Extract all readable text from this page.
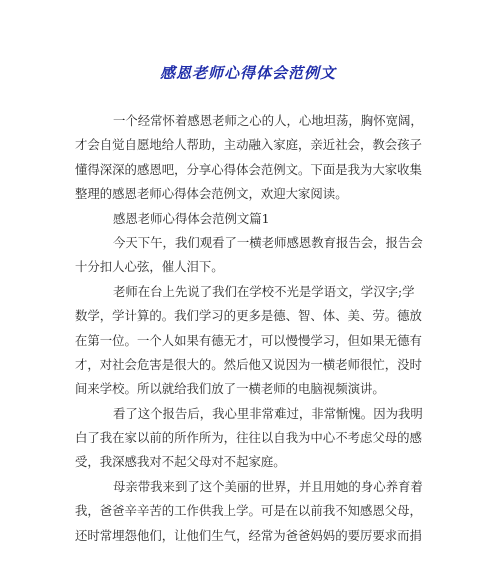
感恩老师心得体会范例文
一个经常怀着感恩老师之心的人，心地坦荡，胸怀宽阔，
才会自觉自愿地给人帮助，主动融入家庭，亲近社会，教会孩子
懂得深深的感恩吧，分享心得体会范例文。下面是我为大家收集
整理的感恩老师心得体会范例文，欢迎大家阅读。
感恩老师心得体会范例文篇1
今天下午，我们观看了一横老师感恩教育报告会，报告会
十分扣人心弦，催人泪下。
老师在台上先说了我们在学校不光是学语文，学汉字;学
数学，学计算的。我们学习的更多是德、智、体、美、劳。德放
在第一位。一个人如果有德无才，可以慢慢学习，但如果无德有
才，对社会危害是很大的。然后他又说因为一横老师很忙，没时
间来学校。所以就给我们放了一横老师的电脑视频演讲。
看了这个报告后，我心里非常难过，非常惭愧。因为我明
白了我在家以前的所作所为，往往以自我为中心不考虑父母的感
受，我深感我对不起父母对不起家庭。
母亲带我来到了这个美丽的世界，并且用她的身心养育着
我，爸爸辛辛苦的工作供我上学。可是在以前我不知感恩父母，
还时常埋怨他们，让他们生气，经常为爸爸妈妈的要厉要求而捐
